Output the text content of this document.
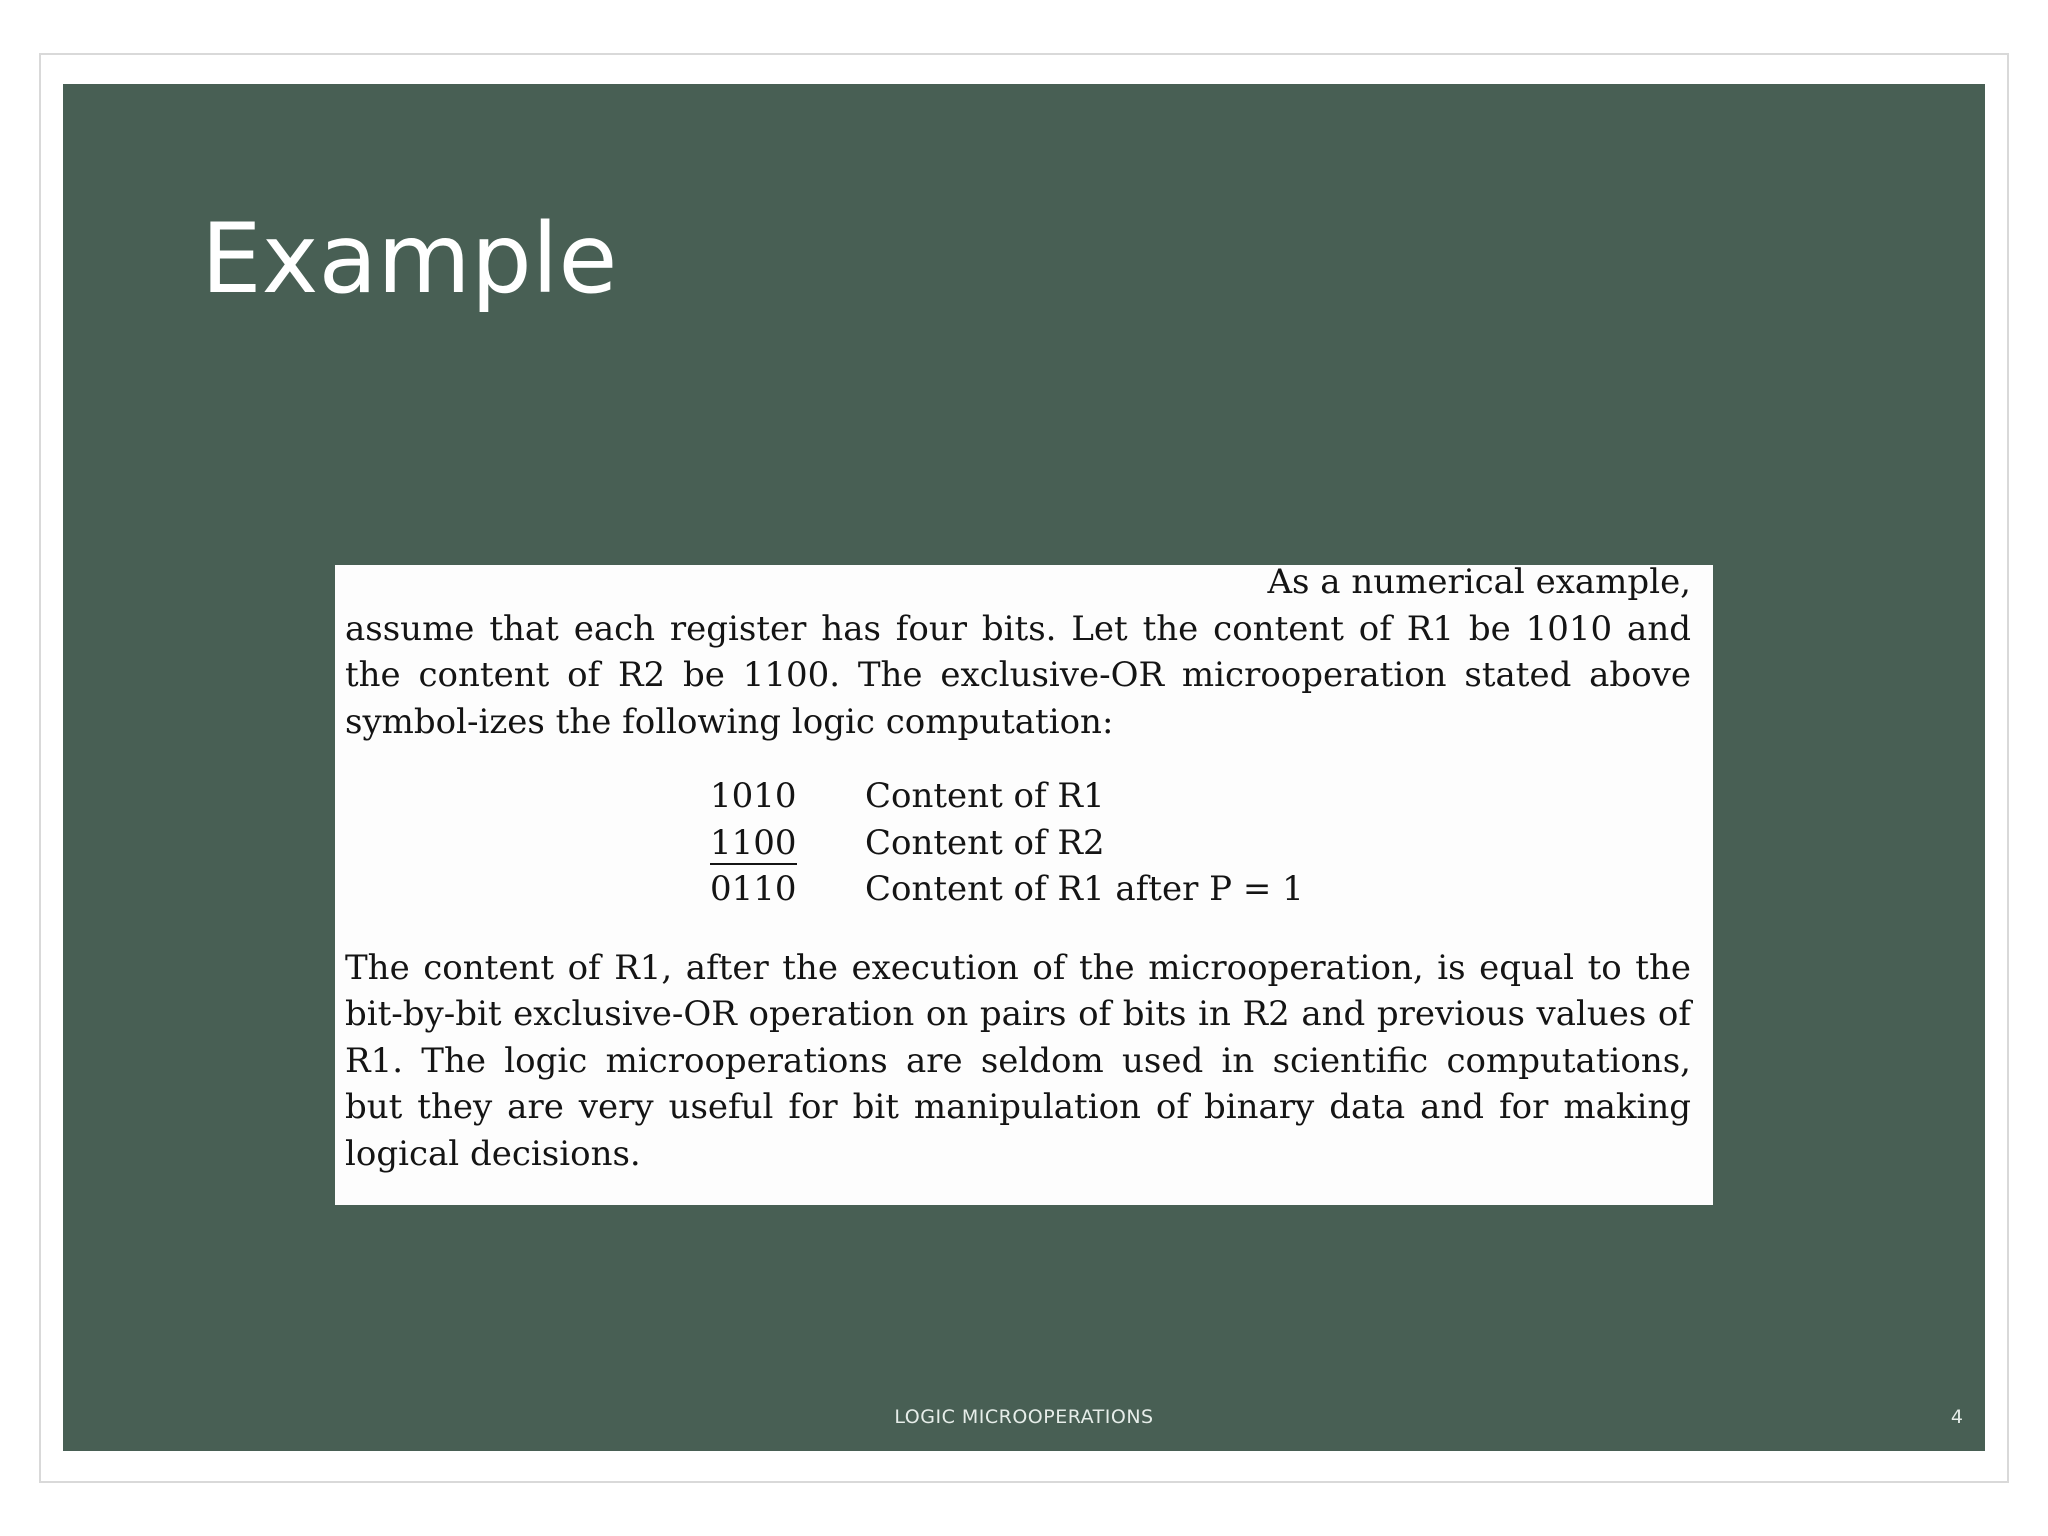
Example

As a numerical example,
assume that each register has four bits. Let the content of R1 be 1010 and the content of R2 be 1100. The exclusive-OR microoperation stated above symbol-izes the following logic computation:

1010	Content of R1
1100	Content of R2
0110	Content of R1 after P = 1

The content of R1, after the execution of the microoperation, is equal to the bit-by-bit exclusive-OR operation on pairs of bits in R2 and previous values of R1. The logic microoperations are seldom used in scientific computations, but they are very useful for bit manipulation of binary data and for making logical decisions.

LOGIC MICROOPERATIONS	4
